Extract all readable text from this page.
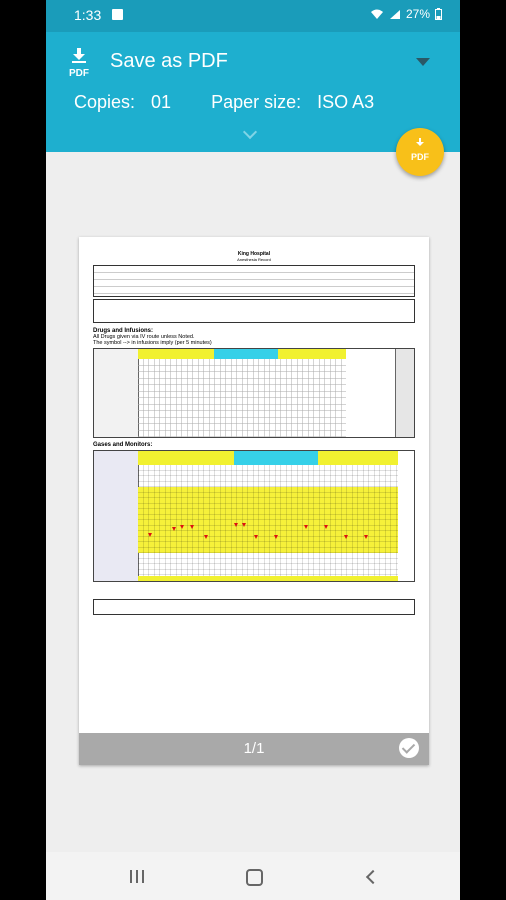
1:33	27%
PDF
Save as PDF
Copies: 01 Paper size: ISO A3
PDF
King Hospital
Anesthesia Record
Drugs and Infusions:
All Drugs given via IV route unless Noted.
The symbol --> in infusions imply (per 5 minutes)
Gases and Monitors:
1/1
